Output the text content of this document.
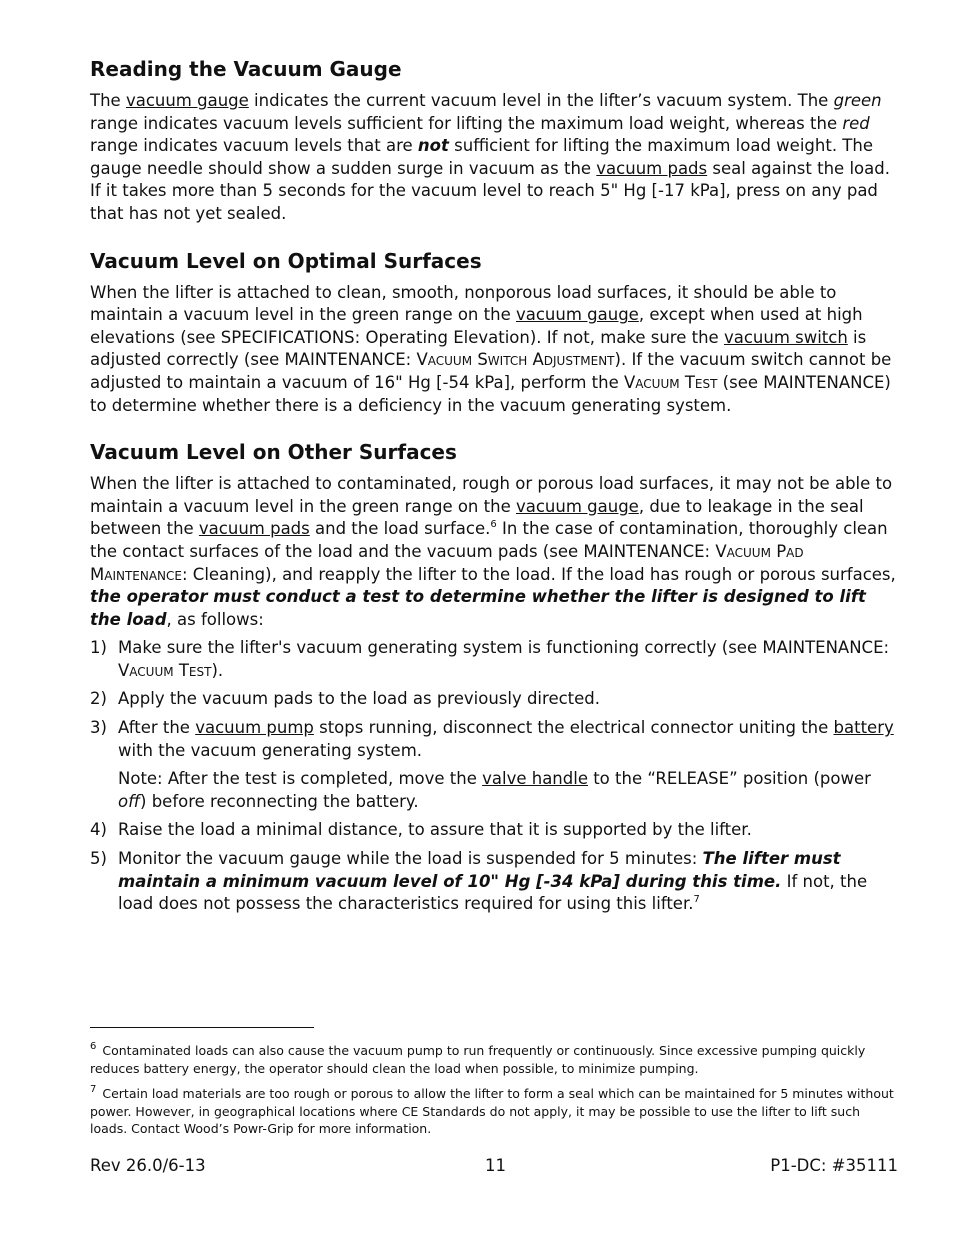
Reading the Vacuum Gauge

The vacuum gauge indicates the current vacuum level in the lifter’s vacuum system. The green range indicates vacuum levels sufficient for lifting the maximum load weight, whereas the red range indicates vacuum levels that are not sufficient for lifting the maximum load weight. The gauge needle should show a sudden surge in vacuum as the vacuum pads seal against the load. If it takes more than 5 seconds for the vacuum level to reach 5" Hg [-17 kPa], press on any pad that has not yet sealed.

Vacuum Level on Optimal Surfaces

When the lifter is attached to clean, smooth, nonporous load surfaces, it should be able to maintain a vacuum level in the green range on the vacuum gauge, except when used at high elevations (see SPECIFICATIONS: Operating Elevation). If not, make sure the vacuum switch is adjusted correctly (see MAINTENANCE: Vacuum Switch Adjustment). If the vacuum switch cannot be adjusted to maintain a vacuum of 16" Hg [-54 kPa], perform the Vacuum Test (see MAINTENANCE) to determine whether there is a deficiency in the vacuum generating system.

Vacuum Level on Other Surfaces

When the lifter is attached to contaminated, rough or porous load surfaces, it may not be able to maintain a vacuum level in the green range on the vacuum gauge, due to leakage in the seal between the vacuum pads and the load surface.$^6$ In the case of contamination, thoroughly clean the contact surfaces of the load and the vacuum pads (see MAINTENANCE: Vacuum Pad Maintenance: Cleaning), and reapply the lifter to the load. If the load has rough or porous surfaces, the operator must conduct a test to determine whether the lifter is designed to lift the load, as follows:

1) Make sure the lifter's vacuum generating system is functioning correctly (see MAINTENANCE: Vacuum Test).
2) Apply the vacuum pads to the load as previously directed.
3) After the vacuum pump stops running, disconnect the electrical connector uniting the battery with the vacuum generating system.
Note: After the test is completed, move the valve handle to the “RELEASE” position (power off) before reconnecting the battery.
4) Raise the load a minimal distance, to assure that it is supported by the lifter.
5) Monitor the vacuum gauge while the load is suspended for 5 minutes: The lifter must maintain a minimum vacuum level of 10" Hg [-34 kPa] during this time. If not, the load does not possess the characteristics required for using this lifter.$^7$

$^6$ Contaminated loads can also cause the vacuum pump to run frequently or continuously. Since excessive pumping quickly reduces battery energy, the operator should clean the load when possible, to minimize pumping.

$^7$ Certain load materials are too rough or porous to allow the lifter to form a seal which can be maintained for 5 minutes without power. However, in geographical locations where CE Standards do not apply, it may be possible to use the lifter to lift such loads. Contact Wood’s Powr-Grip for more information.

Rev 26.0/6-13	11	P1-DC: #35111
